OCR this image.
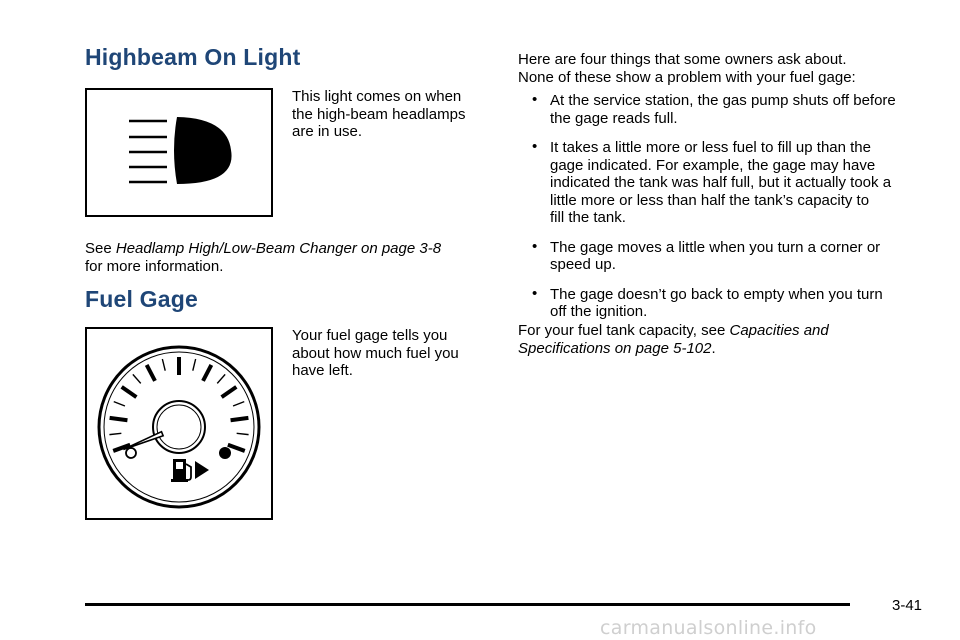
Highbeam On Light
This light comes on when
the high-beam headlamps
are in use.
See Headlamp High/Low-Beam Changer on page 3-8
for more information.
Fuel Gage
Your fuel gage tells you
about how much fuel you
have left.
Here are four things that some owners ask about.
None of these show a problem with your fuel gage:
• At the service station, the gas pump shuts off before
the gage reads full.
• It takes a little more or less fuel to fill up than the
gage indicated. For example, the gage may have
indicated the tank was half full, but it actually took a
little more or less than half the tank’s capacity to
fill the tank.
• The gage moves a little when you turn a corner or
speed up.
• The gage doesn’t go back to empty when you turn
off the ignition.
For your fuel tank capacity, see Capacities and
Specifications on page 5-102.
3-41
carmanualsonline.info
